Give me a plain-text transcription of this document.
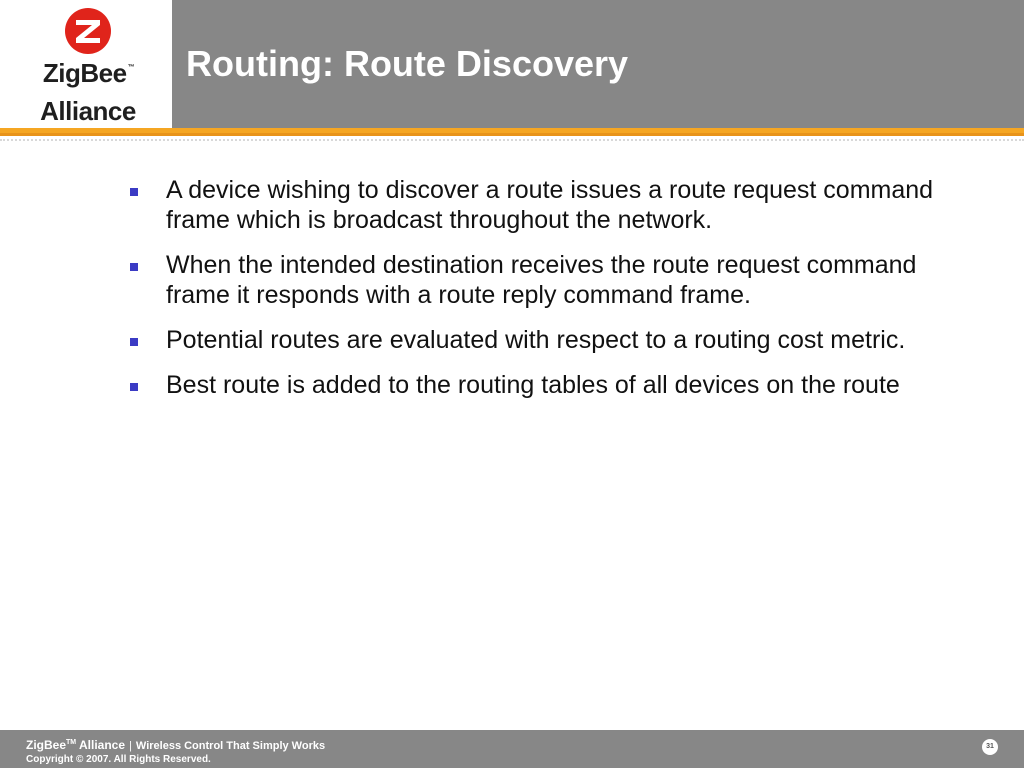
ZigBee™
Alliance
Routing: Route Discovery
A device wishing to discover a route issues a route request command frame which is broadcast throughout the network.
When the intended destination receives the route request command frame it responds with a route reply command frame.
Potential routes are evaluated with respect to a routing cost metric.
Best route is added to the routing tables of all devices on the route
ZigBee™ Alliance | Wireless Control That Simply Works
Copyright © 2007. All Rights Reserved.
31
